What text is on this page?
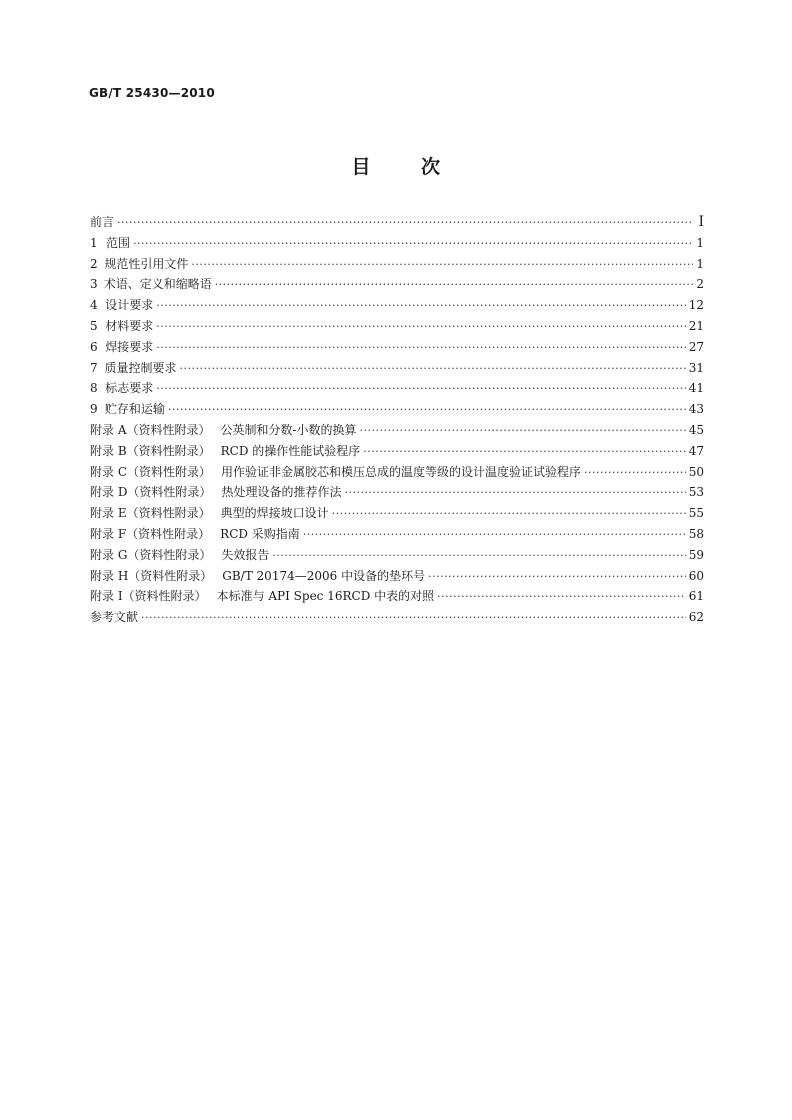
GB/T 25430—2010
目	次
前言 ·····	Ⅰ
1 范围 ·····	1
2 规范性引用文件 ·····	1
3 术语、定义和缩略语 ·····	2
4 设计要求 ·····	12
5 材料要求 ·····	21
6 焊接要求 ·····	27
7 质量控制要求 ·····	31
8 标志要求 ·····	41
9 贮存和运输 ·····	43
附录 A（资料性附录） 公英制和分数-小数的换算 ·····	45
附录 B（资料性附录） RCD 的操作性能试验程序 ·····	47
附录 C（资料性附录） 用作验证非金属胶芯和模压总成的温度等级的设计温度验证试验程序 ·····	50
附录 D（资料性附录） 热处理设备的推荐作法 ·····	53
附录 E（资料性附录） 典型的焊接坡口设计 ·····	55
附录 F（资料性附录） RCD 采购指南 ·····	58
附录 G（资料性附录） 失效报告 ·····	59
附录 H（资料性附录） GB/T 20174—2006 中设备的垫环号 ·····	60
附录 I（资料性附录） 本标准与 API Spec 16RCD 中表的对照 ·····	61
参考文献 ·····	62
